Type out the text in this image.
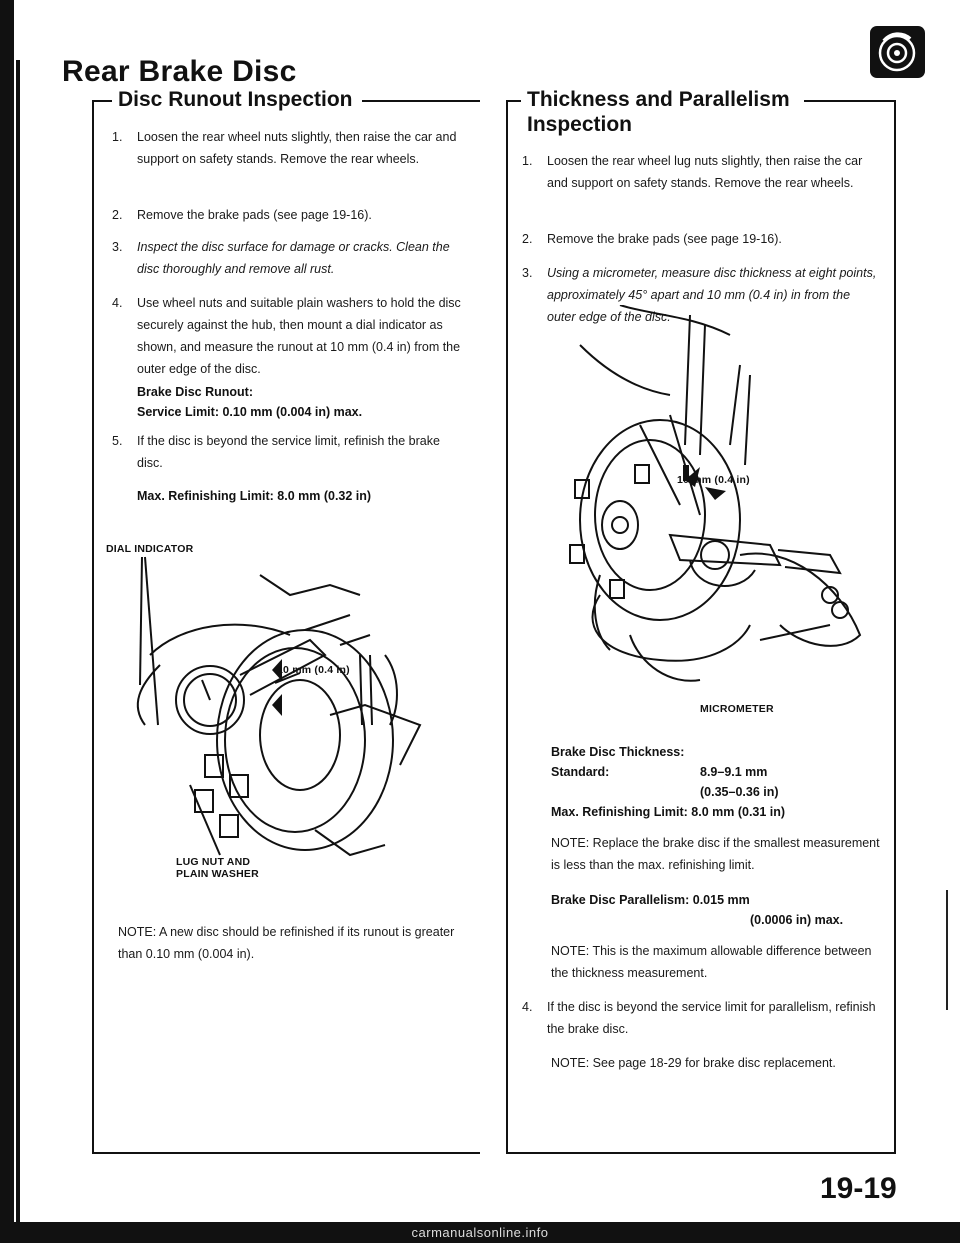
Rear Brake Disc
Disc Runout Inspection
1. Loosen the rear wheel nuts slightly, then raise the car and support on safety stands. Remove the rear wheels.
2. Remove the brake pads (see page 19-16).
3. Inspect the disc surface for damage or cracks. Clean the disc thoroughly and remove all rust.
4. Use wheel nuts and suitable plain washers to hold the disc securely against the hub, then mount a dial indicator as shown, and measure the runout at 10 mm (0.4 in) from the outer edge of the disc.
Brake Disc Runout:
Service Limit: 0.10 mm (0.004 in) max.
5. If the disc is beyond the service limit, refinish the brake disc.
Max. Refinishing Limit: 8.0 mm (0.32 in)
DIAL INDICATOR
10 mm (0.4 in)
LUG NUT AND
PLAIN WASHER
NOTE: A new disc should be refinished if its runout is greater than 0.10 mm (0.004 in).
Thickness and Parallelism
Inspection
1. Loosen the rear wheel lug nuts slightly, then raise the car and support on safety stands. Remove the rear wheels.
2. Remove the brake pads (see page 19-16).
3. Using a micrometer, measure disc thickness at eight points, approximately 45° apart and 10 mm (0.4 in) in from the outer edge of the disc.
10 mm (0.4 in)
MICROMETER
Brake Disc Thickness:
Standard:	8.9–9.1 mm
(0.35–0.36 in)
Max. Refinishing Limit: 8.0 mm (0.31 in)
NOTE: Replace the brake disc if the smallest measurement is less than the max. refinishing limit.
Brake Disc Parallelism: 0.015 mm
(0.0006 in) max.
NOTE: This is the maximum allowable difference between the thickness measurement.
4. If the disc is beyond the service limit for parallelism, refinish the brake disc.
NOTE: See page 18-29 for brake disc replacement.
19-19
carmanualsonline.info
